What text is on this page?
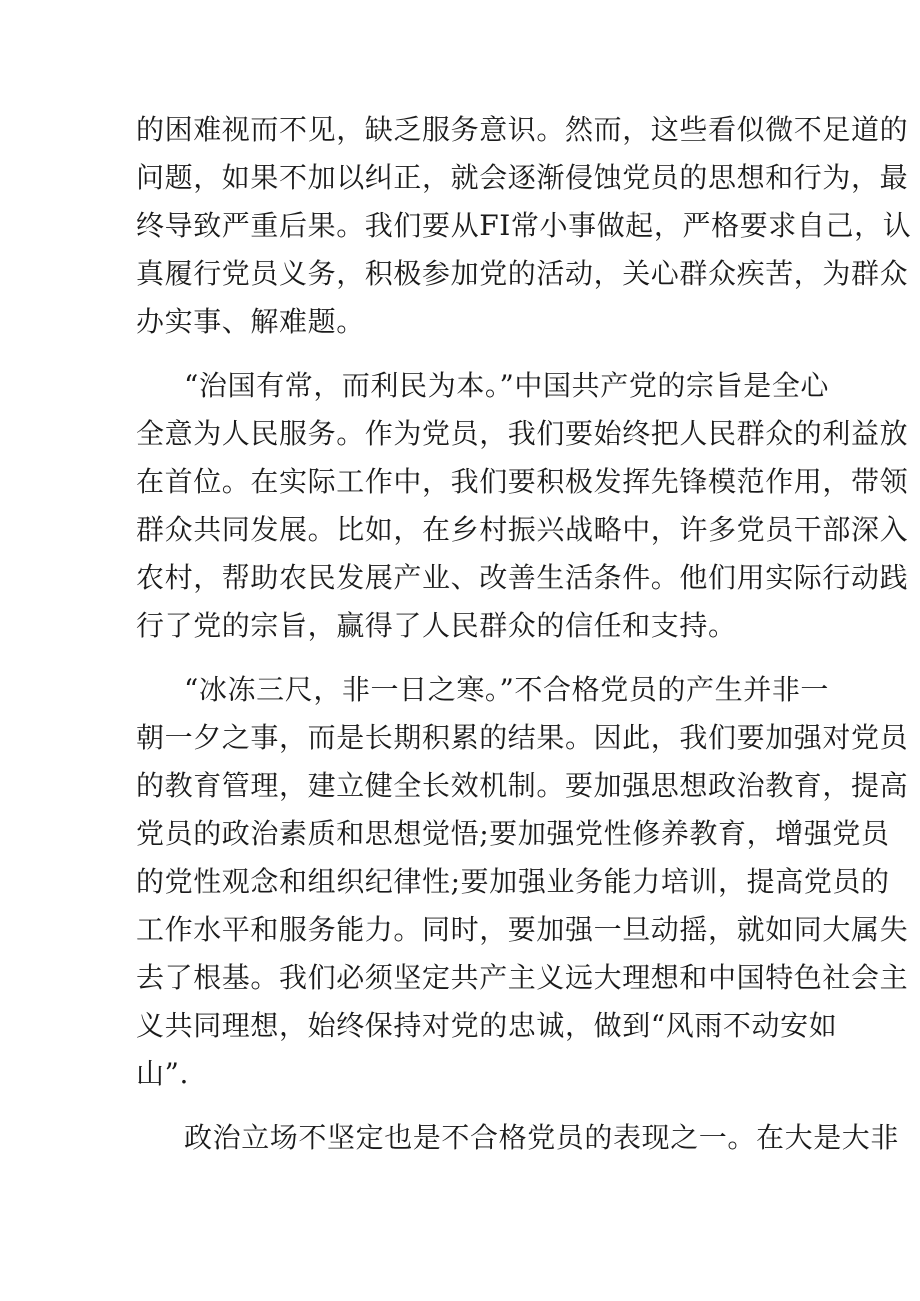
的困难视而不见，缺乏服务意识。然而，这些看似微不足道的
问题，如果不加以纠正，就会逐渐侵蚀党员的思想和行为，最
终导致严重后果。我们要从FI常小事做起，严格要求自己，认
真履行党员义务，积极参加党的活动，关心群众疾苦，为群众
办实事、解难题。
“治国有常，而利民为本。”中国共产党的宗旨是全心
全意为人民服务。作为党员，我们要始终把人民群众的利益放
在首位。在实际工作中，我们要积极发挥先锋模范作用，带领
群众共同发展。比如，在乡村振兴战略中，许多党员干部深入
农村，帮助农民发展产业、改善生活条件。他们用实际行动践
行了党的宗旨，赢得了人民群众的信任和支持。
“冰冻三尺，非一日之寒。”不合格党员的产生并非一
朝一夕之事，而是长期积累的结果。因此，我们要加强对党员
的教育管理，建立健全长效机制。要加强思想政治教育，提高
党员的政治素质和思想觉悟;要加强党性修养教育，增强党员
的党性观念和组织纪律性;要加强业务能力培训，提高党员的
工作水平和服务能力。同时，要加强一旦动摇，就如同大属失
去了根基。我们必须坚定共产主义远大理想和中国特色社会主
义共同理想，始终保持对党的忠诚，做到“风雨不动安如
山”.
政治立场不坚定也是不合格党员的表现之一。在大是大非
